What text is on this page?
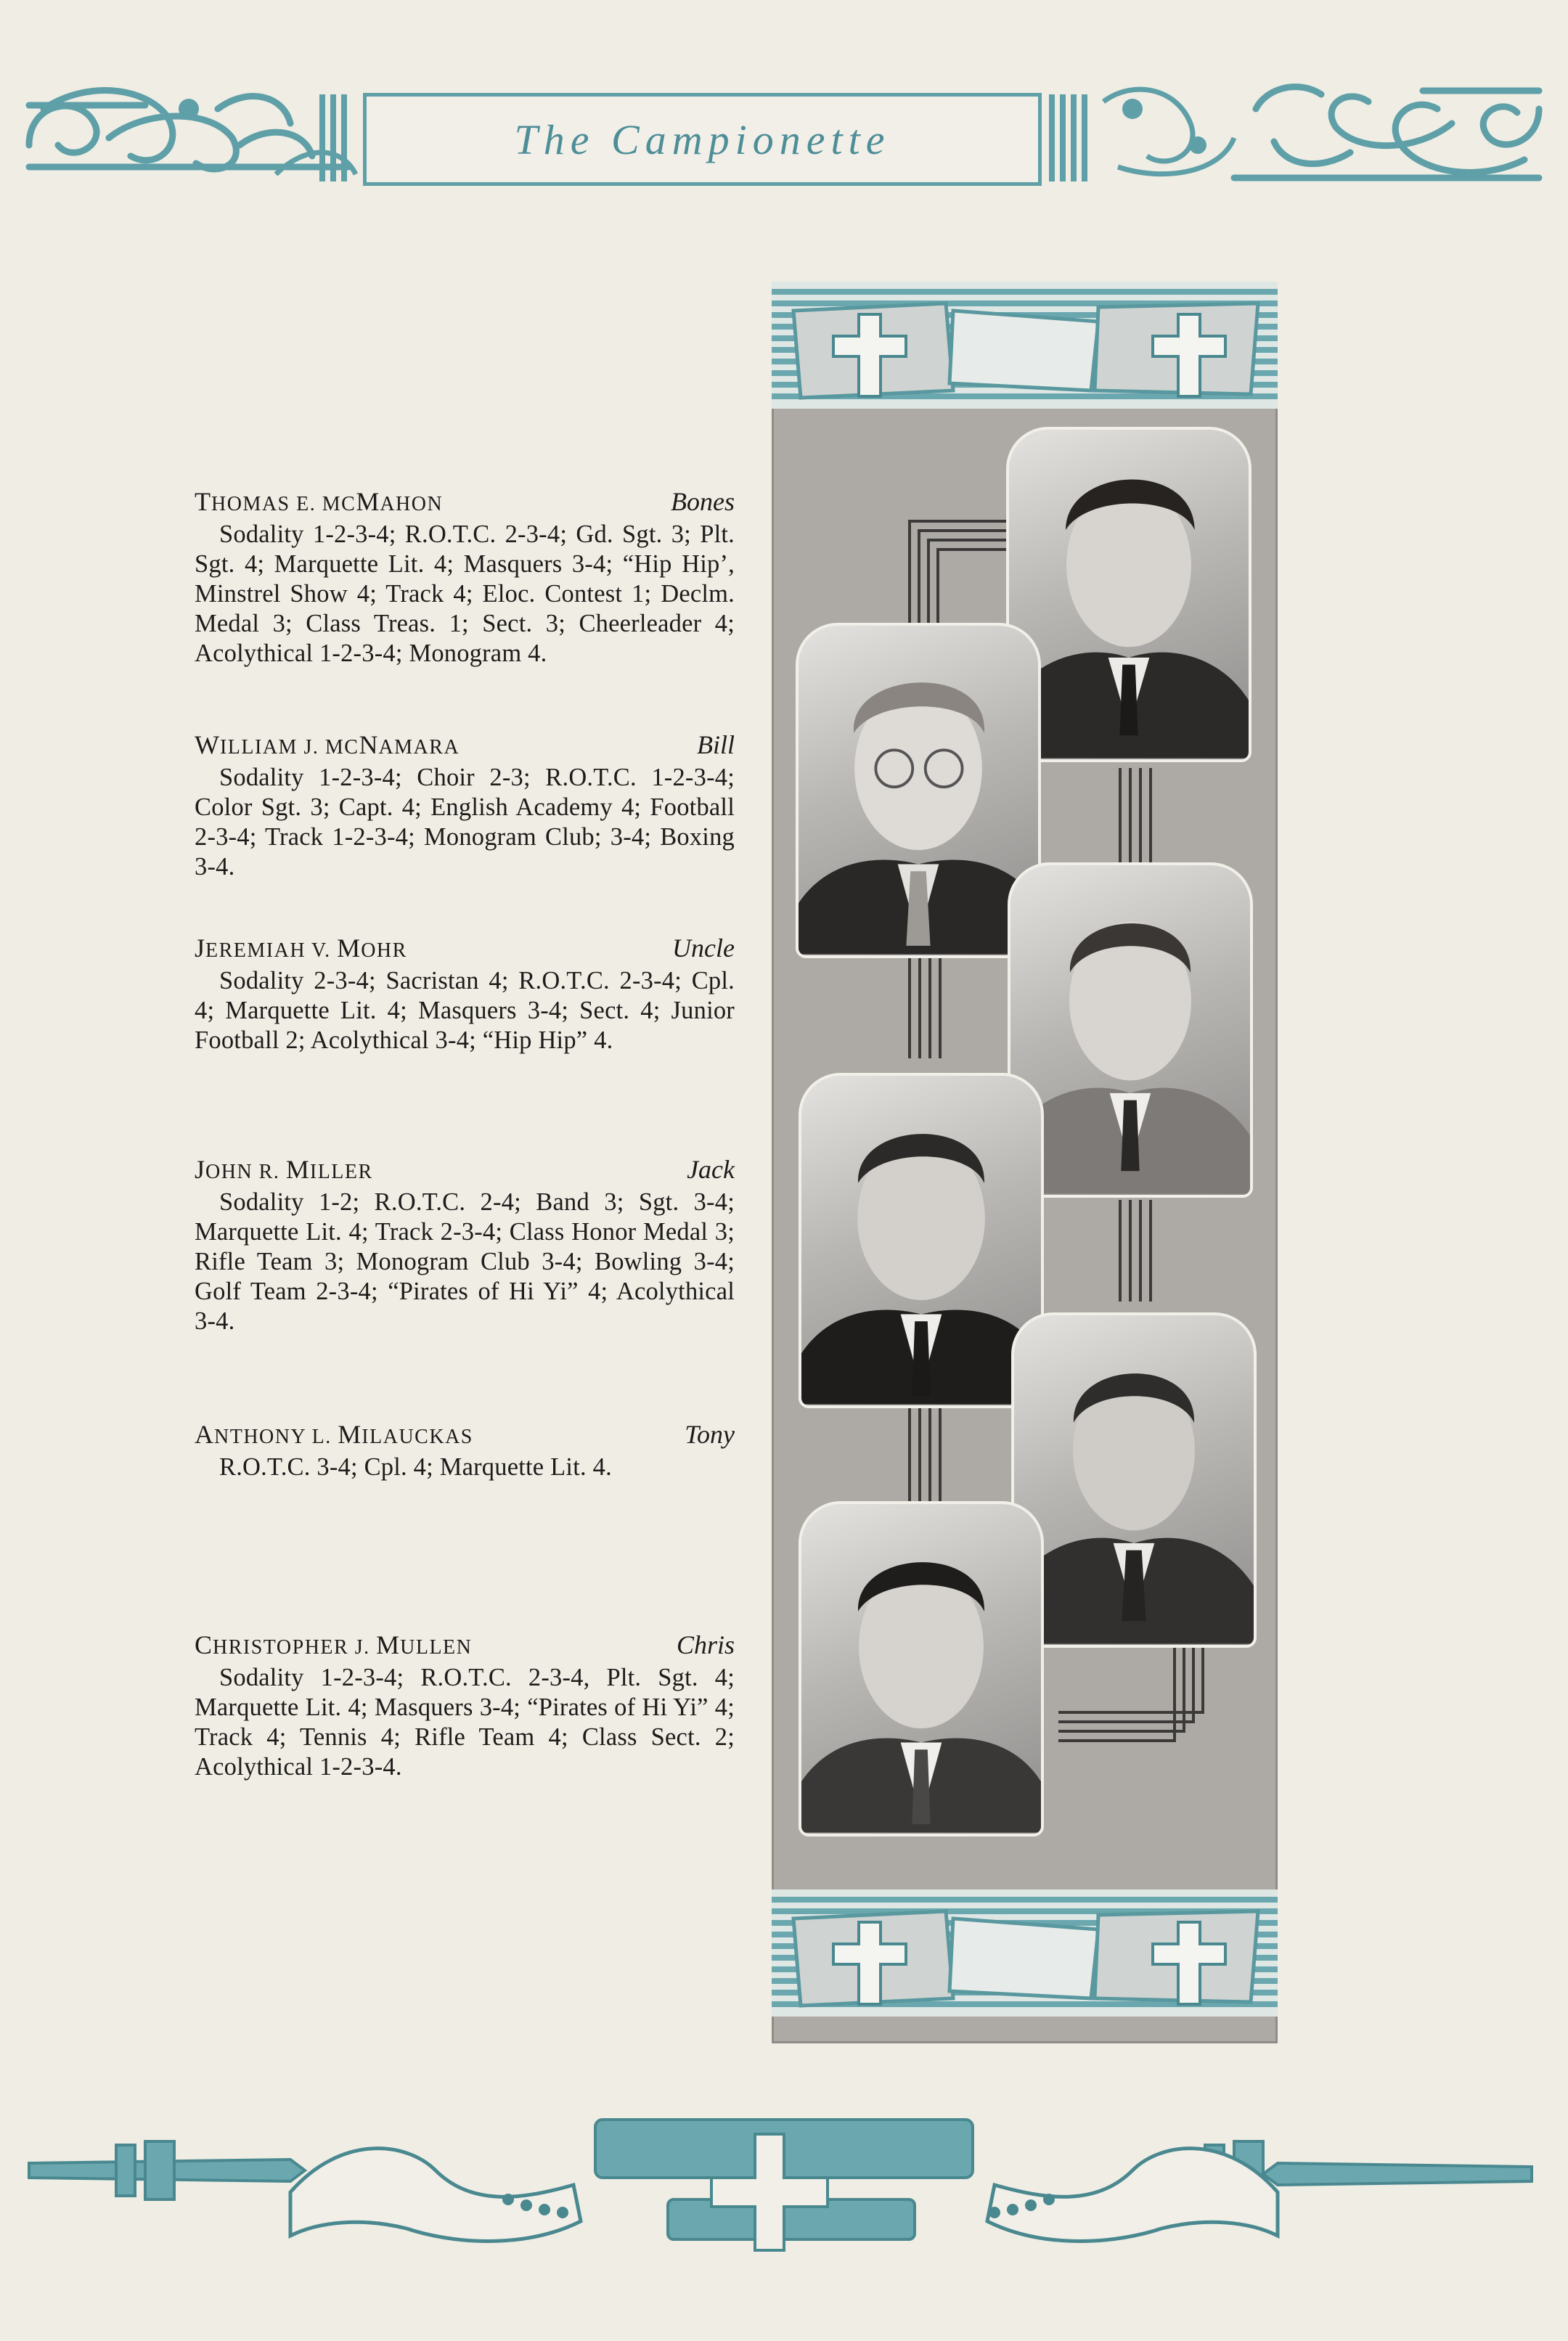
The Campionette
THOMAS E. MCMAHON	Bones

Sodality 1-2-3-4; R.O.T.C. 2-3-4; Gd. Sgt. 3; Plt. Sgt. 4; Marquette Lit. 4; Masquers 3-4; “Hip Hip’, Minstrel Show 4; Track 4; Eloc. Contest 1; Declm. Medal 3; Class Treas. 1; Sect. 3; Cheerleader 4; Acolythical 1-2-3-4; Monogram 4.

WILLIAM J. MCNAMARA	Bill

Sodality 1-2-3-4; Choir 2-3; R.O.T.C. 1-2-3-4; Color Sgt. 3; Capt. 4; English Academy 4; Football 2-3-4; Track 1-2-3-4; Monogram Club; 3-4; Boxing 3-4.

JEREMIAH V. MOHR	Uncle

Sodality 2-3-4; Sacristan 4; R.O.T.C. 2-3-4; Cpl. 4; Marquette Lit. 4; Masquers 3-4; Sect. 4; Junior Football 2; Acolythical 3-4; “Hip Hip” 4.

JOHN R. MILLER	Jack

Sodality 1-2; R.O.T.C. 2-4; Band 3; Sgt. 3-4; Marquette Lit. 4; Track 2-3-4; Class Honor Medal 3; Rifle Team 3; Monogram Club 3-4; Bowling 3-4; Golf Team 2-3-4; “Pirates of Hi Yi” 4; Acolythical 3-4.

ANTHONY L. MILAUCKAS	Tony

R.O.T.C. 3-4; Cpl. 4; Marquette Lit. 4.

CHRISTOPHER J. MULLEN	Chris

Sodality 1-2-3-4; R.O.T.C. 2-3-4, Plt. Sgt. 4; Marquette Lit. 4; Masquers 3-4; “Pirates of Hi Yi” 4; Track 4; Tennis 4; Rifle Team 4; Class Sect. 2; Acolythical 1-2-3-4.
